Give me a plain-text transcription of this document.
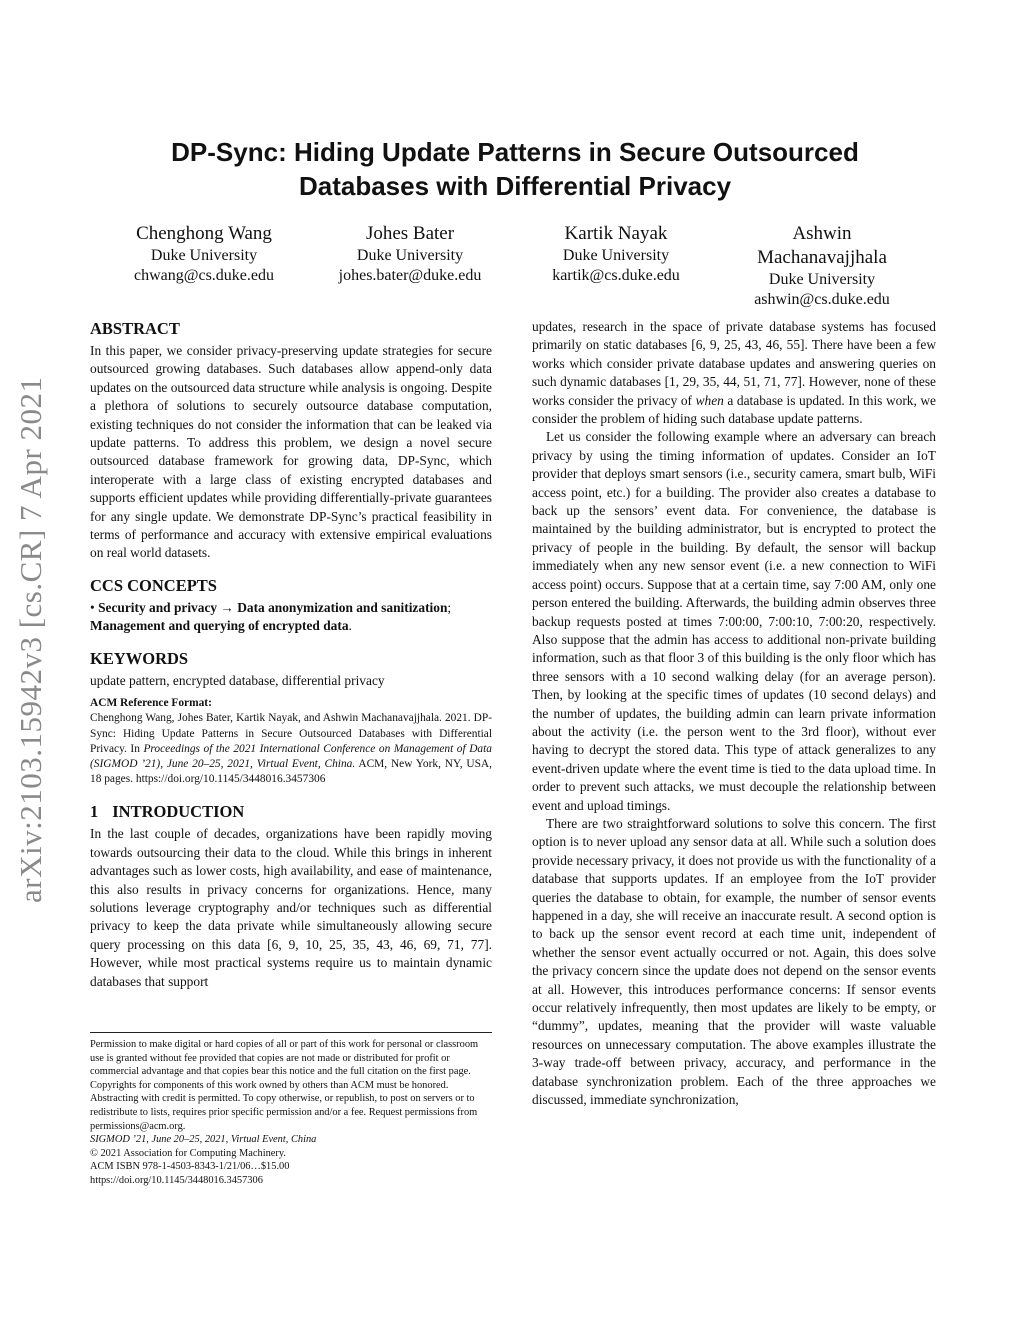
arXiv:2103.15942v3 [cs.CR] 7 Apr 2021
DP-Sync: Hiding Update Patterns in Secure Outsourced Databases with Differential Privacy
Chenghong Wang
Duke University
chwang@cs.duke.edu
Johes Bater
Duke University
johes.bater@duke.edu
Kartik Nayak
Duke University
kartik@cs.duke.edu
Ashwin Machanavajjhala
Duke University
ashwin@cs.duke.edu

ABSTRACT

In this paper, we consider privacy-preserving update strategies for secure outsourced growing databases. Such databases allow append-only data updates on the outsourced data structure while analysis is ongoing. Despite a plethora of solutions to securely outsource database computation, existing techniques do not consider the information that can be leaked via update patterns. To address this problem, we design a novel secure outsourced database framework for growing data, DP-Sync, which interoperate with a large class of existing encrypted databases and supports efficient updates while providing differentially-private guarantees for any single update. We demonstrate DP-Sync’s practical feasibility in terms of performance and accuracy with extensive empirical evaluations on real world datasets.

CCS CONCEPTS

• Security and privacy → Data anonymization and sanitization; Management and querying of encrypted data.

KEYWORDS

update pattern, encrypted database, differential privacy

ACM Reference Format:

Chenghong Wang, Johes Bater, Kartik Nayak, and Ashwin Machanavajjhala. 2021. DP-Sync: Hiding Update Patterns in Secure Outsourced Databases with Differential Privacy. In Proceedings of the 2021 International Conference on Management of Data (SIGMOD ’21), June 20–25, 2021, Virtual Event, China. ACM, New York, NY, USA, 18 pages. https://doi.org/10.1145/3448016.3457306

1 INTRODUCTION

In the last couple of decades, organizations have been rapidly moving towards outsourcing their data to the cloud. While this brings in inherent advantages such as lower costs, high availability, and ease of maintenance, this also results in privacy concerns for organizations. Hence, many solutions leverage cryptography and/or techniques such as differential privacy to keep the data private while simultaneously allowing secure query processing on this data [6, 9, 10, 25, 35, 43, 46, 69, 71, 77]. However, while most practical systems require us to maintain dynamic databases that support

Permission to make digital or hard copies of all or part of this work for personal or classroom use is granted without fee provided that copies are not made or distributed for profit or commercial advantage and that copies bear this notice and the full citation on the first page. Copyrights for components of this work owned by others than ACM must be honored. Abstracting with credit is permitted. To copy otherwise, or republish, to post on servers or to redistribute to lists, requires prior specific permission and/or a fee. Request permissions from permissions@acm.org.

SIGMOD ’21, June 20–25, 2021, Virtual Event, China

© 2021 Association for Computing Machinery.

ACM ISBN 978-1-4503-8343-1/21/06…$15.00

https://doi.org/10.1145/3448016.3457306

updates, research in the space of private database systems has focused primarily on static databases [6, 9, 25, 43, 46, 55]. There have been a few works which consider private database updates and answering queries on such dynamic databases [1, 29, 35, 44, 51, 71, 77]. However, none of these works consider the privacy of when a database is updated. In this work, we consider the problem of hiding such database update patterns.

Let us consider the following example where an adversary can breach privacy by using the timing information of updates. Consider an IoT provider that deploys smart sensors (i.e., security camera, smart bulb, WiFi access point, etc.) for a building. The provider also creates a database to back up the sensors’ event data. For convenience, the database is maintained by the building administrator, but is encrypted to protect the privacy of people in the building. By default, the sensor will backup immediately when any new sensor event (i.e. a new connection to WiFi access point) occurs. Suppose that at a certain time, say 7:00 AM, only one person entered the building. Afterwards, the building admin observes three backup requests posted at times 7:00:00, 7:00:10, 7:00:20, respectively. Also suppose that the admin has access to additional non-private building information, such as that floor 3 of this building is the only floor which has three sensors with a 10 second walking delay (for an average person). Then, by looking at the specific times of updates (10 second delays) and the number of updates, the building admin can learn private information about the activity (i.e. the person went to the 3rd floor), without ever having to decrypt the stored data. This type of attack generalizes to any event-driven update where the event time is tied to the data upload time. In order to prevent such attacks, we must decouple the relationship between event and upload timings.

There are two straightforward solutions to solve this concern. The first option is to never upload any sensor data at all. While such a solution does provide necessary privacy, it does not provide us with the functionality of a database that supports updates. If an employee from the IoT provider queries the database to obtain, for example, the number of sensor events happened in a day, she will receive an inaccurate result. A second option is to back up the sensor event record at each time unit, independent of whether the sensor event actually occurred or not. Again, this does solve the privacy concern since the update does not depend on the sensor events at all. However, this introduces performance concerns: If sensor events occur relatively infrequently, then most updates are likely to be empty, or “dummy”, updates, meaning that the provider will waste valuable resources on unnecessary computation. The above examples illustrate the 3-way trade-off between privacy, accuracy, and performance in the database synchronization problem. Each of the three approaches we discussed, immediate synchronization,
